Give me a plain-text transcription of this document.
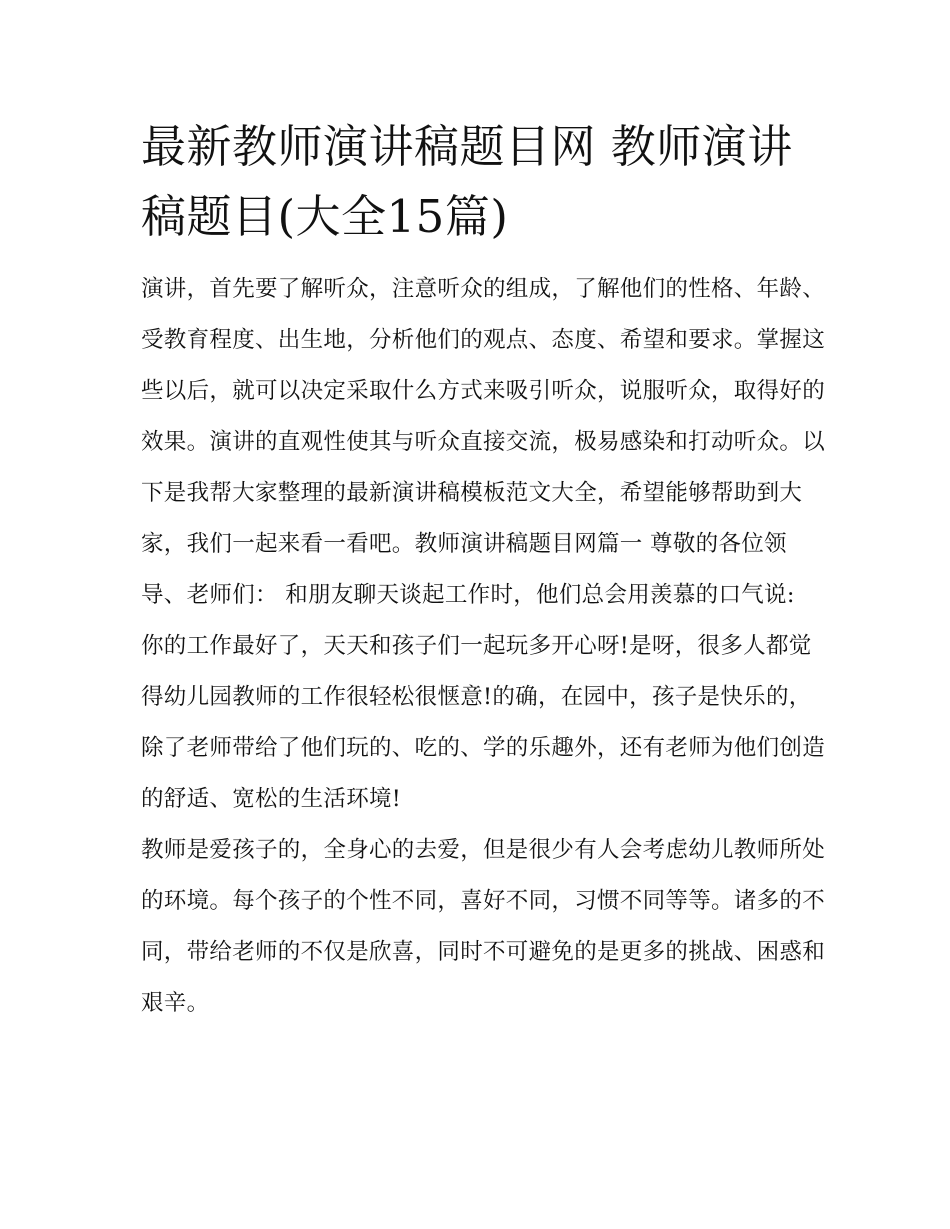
最新教师演讲稿题目网 教师演讲稿题目(大全15篇)

演讲，首先要了解听众，注意听众的组成，了解他们的性格、年龄、受教育程度、出生地，分析他们的观点、态度、希望和要求。掌握这些以后，就可以决定采取什么方式来吸引听众，说服听众，取得好的效果。演讲的直观性使其与听众直接交流，极易感染和打动听众。以下是我帮大家整理的最新演讲稿模板范文大全，希望能够帮助到大家，我们一起来看一看吧。教师演讲稿题目网篇一 尊敬的各位领导、老师们： 和朋友聊天谈起工作时，他们总会用羡慕的口气说:

你的工作最好了，天天和孩子们一起玩多开心呀!是呀，很多人都觉得幼儿园教师的工作很轻松很惬意!的确，在园中，孩子是快乐的，除了老师带给了他们玩的、吃的、学的乐趣外，还有老师为他们创造的舒适、宽松的生活环境!

教师是爱孩子的，全身心的去爱，但是很少有人会考虑幼儿教师所处的环境。每个孩子的个性不同，喜好不同，习惯不同等等。诸多的不同，带给老师的不仅是欣喜，同时不可避免的是更多的挑战、困惑和艰辛。
